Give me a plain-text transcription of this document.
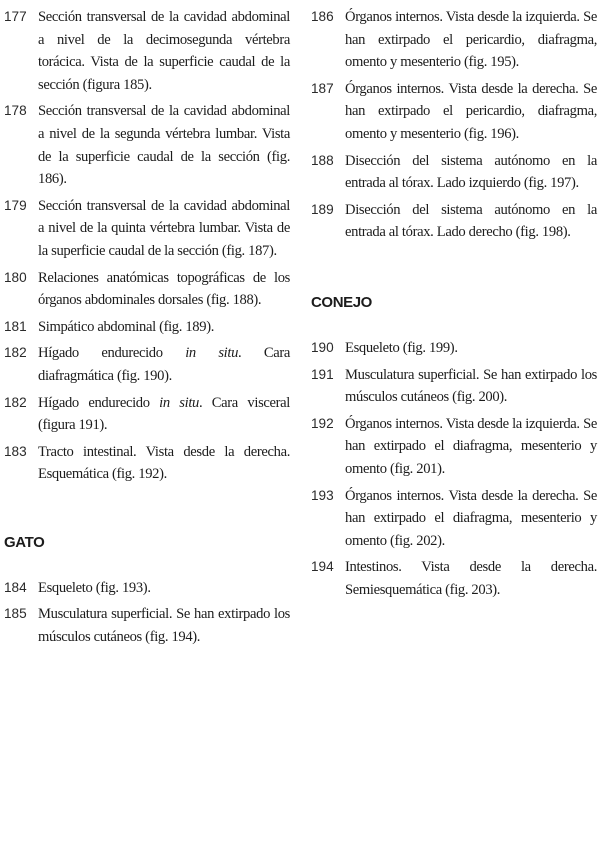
177 Sección transversal de la cavidad abdominal a nivel de la decimosegunda vértebra torácica. Vista de la superficie caudal de la sección (figura 185).
178 Sección transversal de la cavidad abdominal a nivel de la segunda vértebra lumbar. Vista de la superficie caudal de la sección (fig. 186).
179 Sección transversal de la cavidad abdominal a nivel de la quinta vértebra lumbar. Vista de la superficie caudal de la sección (fig. 187).
180 Relaciones anatómicas topográficas de los órganos abdominales dorsales (fig. 188).
181 Simpático abdominal (fig. 189).
182 Hígado endurecido in situ. Cara diafragmática (fig. 190).
182 Hígado endurecido in situ. Cara visceral (figura 191).
183 Tracto intestinal. Vista desde la derecha. Esquemática (fig. 192).
GATO
184 Esqueleto (fig. 193).
185 Musculatura superficial. Se han extirpado los músculos cutáneos (fig. 194).
186 Órganos internos. Vista desde la izquierda. Se han extirpado el pericardio, diafragma, omento y mesenterio (fig. 195).
187 Órganos internos. Vista desde la derecha. Se han extirpado el pericardio, diafragma, omento y mesenterio (fig. 196).
188 Disección del sistema autónomo en la entrada al tórax. Lado izquierdo (fig. 197).
189 Disección del sistema autónomo en la entrada al tórax. Lado derecho (fig. 198).
CONEJO
190 Esqueleto (fig. 199).
191 Musculatura superficial. Se han extirpado los músculos cutáneos (fig. 200).
192 Órganos internos. Vista desde la izquierda. Se han extirpado el diafragma, mesenterio y omento (fig. 201).
193 Órganos internos. Vista desde la derecha. Se han extirpado el diafragma, mesenterio y omento (fig. 202).
194 Intestinos. Vista desde la derecha. Semiesquemática (fig. 203).
